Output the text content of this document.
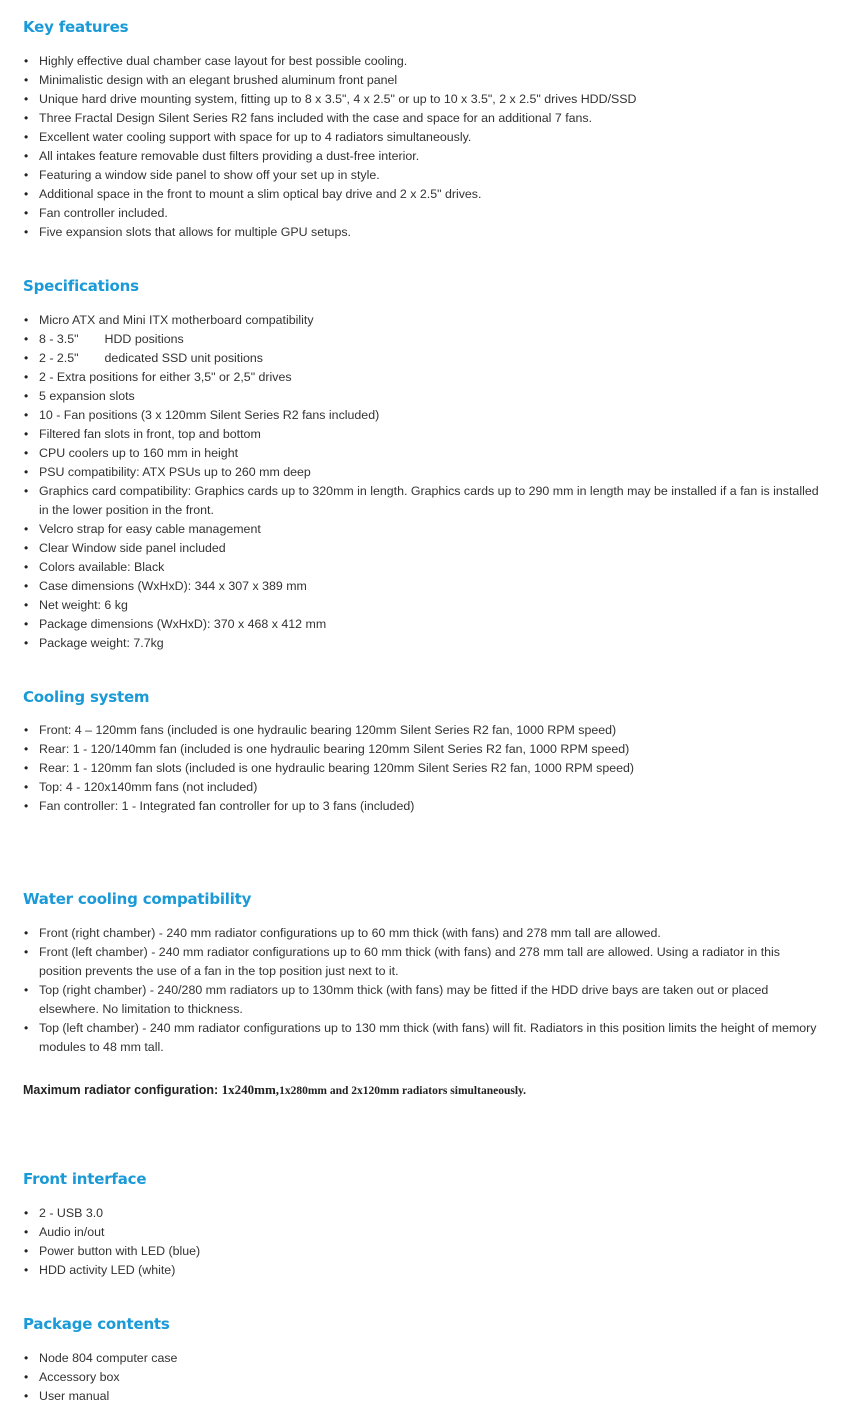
Key features
• Highly effective dual chamber case layout for best possible cooling.
• Minimalistic design with an elegant brushed aluminum front panel
• Unique hard drive mounting system, fitting up to 8 x 3.5", 4 x 2.5" or up to 10 x 3.5", 2 x 2.5" drives HDD/SSD
• Three Fractal Design Silent Series R2 fans included with the case and space for an additional 7 fans.
• Excellent water cooling support with space for up to 4 radiators simultaneously.
• All intakes feature removable dust filters providing a dust-free interior.
• Featuring a window side panel to show off your set up in style.
• Additional space in the front to mount a slim optical bay drive and 2 x 2.5" drives.
• Fan controller included.
• Five expansion slots that allows for multiple GPU setups.
Specifications
• Micro ATX and Mini ITX motherboard compatibility
• 8 - 3.5" HDD positions
• 2 - 2.5" dedicated SSD unit positions
• 2 - Extra positions for either 3,5" or 2,5" drives
• 5 expansion slots
• 10 - Fan positions (3 x 120mm Silent Series R2 fans included)
• Filtered fan slots in front, top and bottom
• CPU coolers up to 160 mm in height
• PSU compatibility: ATX PSUs up to 260 mm deep
• Graphics card compatibility: Graphics cards up to 320mm in length. Graphics cards up to 290 mm in length may be installed if a fan is installed in the lower position in the front.
• Velcro strap for easy cable management
• Clear Window side panel included
• Colors available: Black
• Case dimensions (WxHxD): 344 x 307 x 389 mm
• Net weight: 6 kg
• Package dimensions (WxHxD): 370 x 468 x 412 mm
• Package weight: 7.7kg
Cooling system
• Front: 4 – 120mm fans (included is one hydraulic bearing 120mm Silent Series R2 fan, 1000 RPM speed)
• Rear: 1 - 120/140mm fan (included is one hydraulic bearing 120mm Silent Series R2 fan, 1000 RPM speed)
• Rear: 1 - 120mm fan slots (included is one hydraulic bearing 120mm Silent Series R2 fan, 1000 RPM speed)
• Top: 4 - 120x140mm fans (not included)
• Fan controller: 1 - Integrated fan controller for up to 3 fans (included)
Water cooling compatibility
• Front (right chamber) - 240 mm radiator configurations up to 60 mm thick (with fans) and 278 mm tall are allowed.
• Front (left chamber) - 240 mm radiator configurations up to 60 mm thick (with fans) and 278 mm tall are allowed. Using a radiator in this position prevents the use of a fan in the top position just next to it.
• Top (right chamber) - 240/280 mm radiators up to 130mm thick (with fans) may be fitted if the HDD drive bays are taken out or placed elsewhere. No limitation to thickness.
• Top (left chamber) - 240 mm radiator configurations up to 130 mm thick (with fans) will fit. Radiators in this position limits the height of memory modules to 48 mm tall.
Maximum radiator configuration: 1x240mm,1x280mm and 2x120mm radiators simultaneously.
Front interface
• 2 - USB 3.0
• Audio in/out
• Power button with LED (blue)
• HDD activity LED (white)
Package contents
• Node 804 computer case
• Accessory box
• User manual
